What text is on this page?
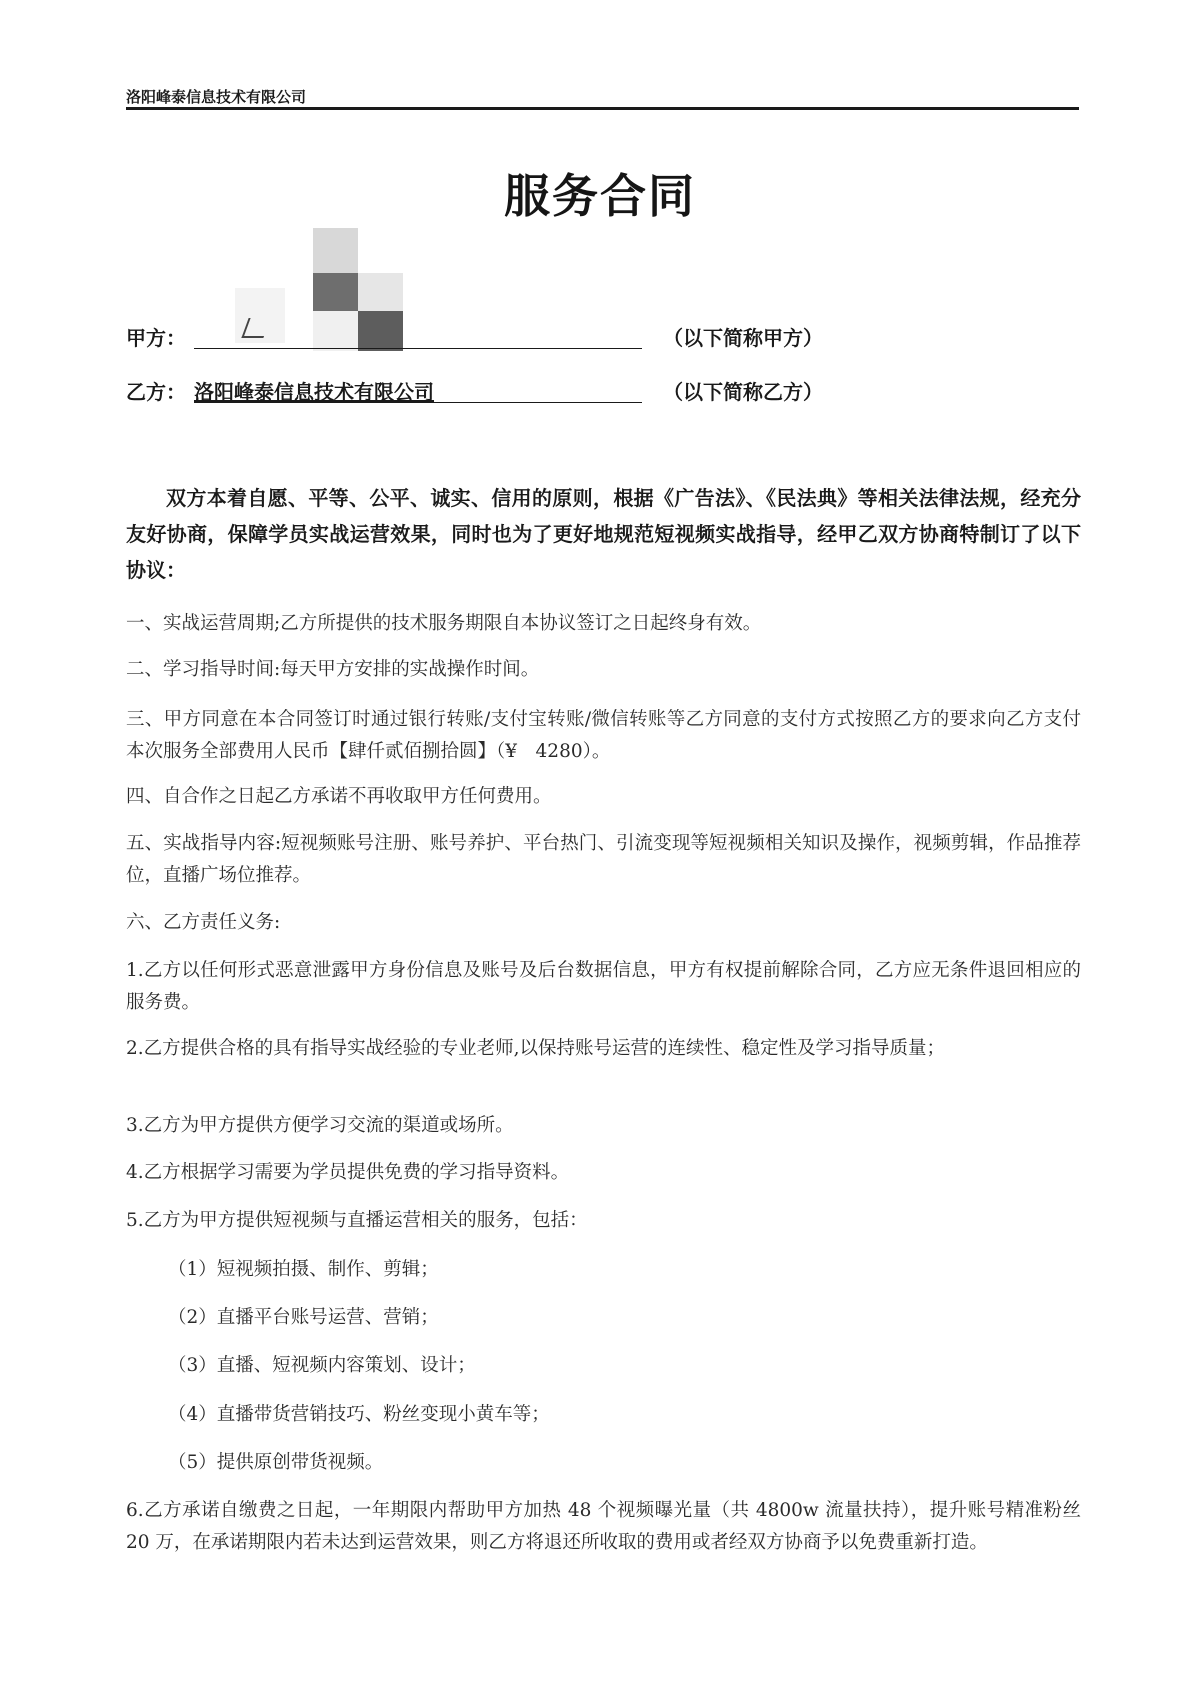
洛阳峰泰信息技术有限公司
服务合同
甲方：	（以下简称甲方）
乙方： 洛阳峰泰信息技术有限公司	（以下简称乙方）
双方本着自愿、平等、公平、诚实、信用的原则，根据《广告法》、《民法典》等相关法律法规，经充分友好协商，保障学员实战运营效果，同时也为了更好地规范短视频实战指导，经甲乙双方协商特制订了以下协议：
一、实战运营周期;乙方所提供的技术服务期限自本协议签订之日起终身有效。
二、学习指导时间:每天甲方安排的实战操作时间。
三、甲方同意在本合同签订时通过银行转账/支付宝转账/微信转账等乙方同意的支付方式按照乙方的要求向乙方支付本次服务全部费用人民币【肆仟贰佰捌拾圆】（¥　4280）。
四、自合作之日起乙方承诺不再收取甲方任何费用。
五、实战指导内容:短视频账号注册、账号养护、平台热门、引流变现等短视频相关知识及操作，视频剪辑，作品推荐位，直播广场位推荐。
六、乙方责任义务:
1.乙方以任何形式恶意泄露甲方身份信息及账号及后台数据信息，甲方有权提前解除合同，乙方应无条件退回相应的服务费。
2.乙方提供合格的具有指导实战经验的专业老师,以保持账号运营的连续性、稳定性及学习指导质量；
3.乙方为甲方提供方便学习交流的渠道或场所。
4.乙方根据学习需要为学员提供免费的学习指导资料。
5.乙方为甲方提供短视频与直播运营相关的服务，包括：
（1）短视频拍摄、制作、剪辑；
（2）直播平台账号运营、营销；
（3）直播、短视频内容策划、设计；
（4）直播带货营销技巧、粉丝变现小黄车等；
（5）提供原创带货视频。
6.乙方承诺自缴费之日起，一年期限内帮助甲方加热 48 个视频曝光量（共 4800w 流量扶持），提升账号精准粉丝 20 万，在承诺期限内若未达到运营效果，则乙方将退还所收取的费用或者经双方协商予以免费重新打造。
